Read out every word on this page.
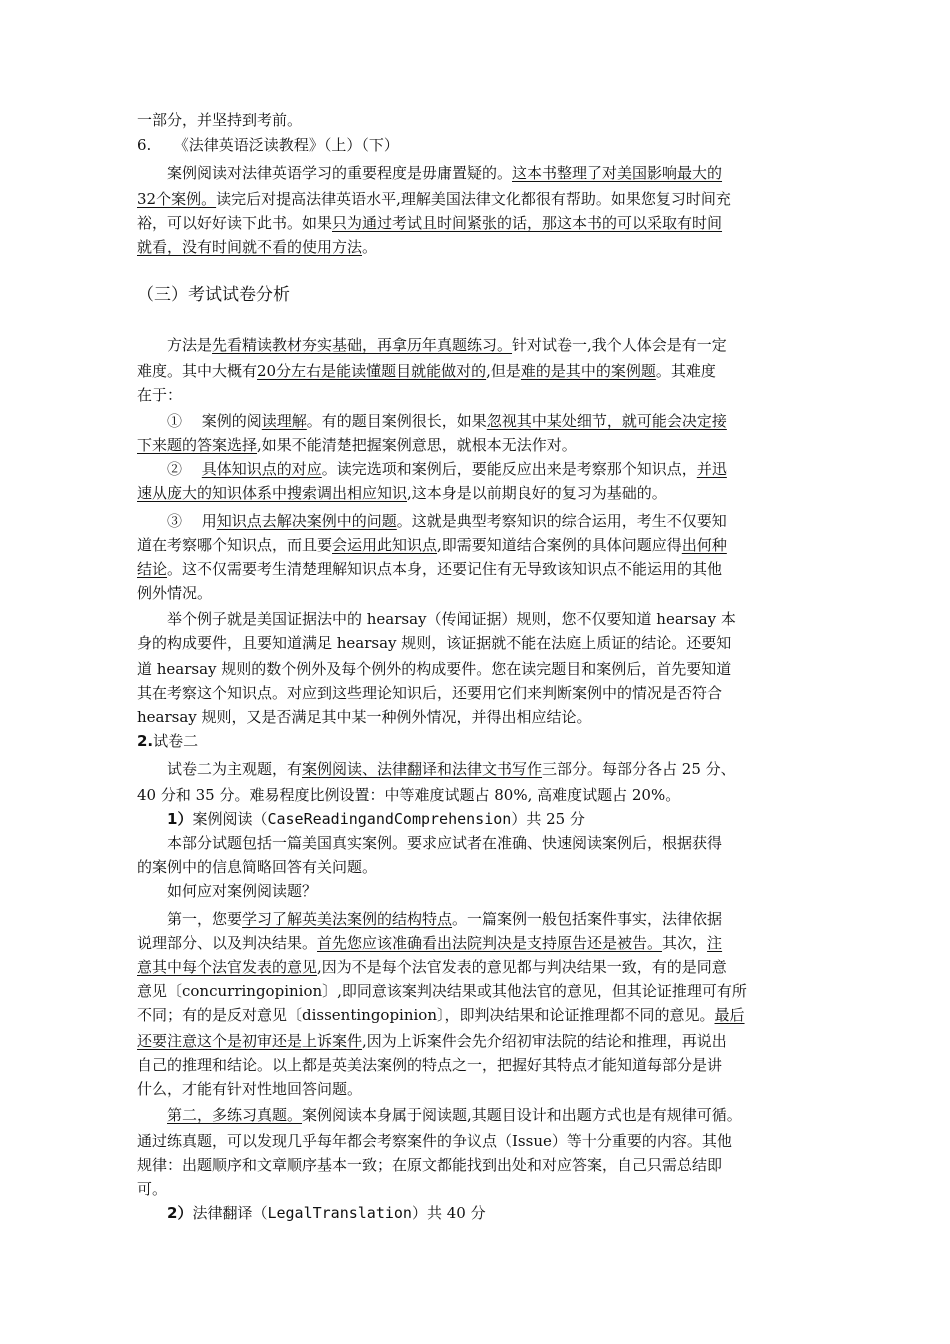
（三）考试试卷分析
一部分，并坚持到考前。
6.　　《法律英语泛读教程》（上）（下）
　　案例阅读对法律英语学习的重要程度是毋庸置疑的。这本书整理了对美国影响最大的
32个案例。读完后对提高法律英语水平,理解美国法律文化都很有帮助。如果您复习时间充
裕，可以好好读下此书。如果只为通过考试且时间紧张的话，那这本书的可以采取有时间
就看，没有时间就不看的使用方法。
　　方法是先看精读教材夯实基础，再拿历年真题练习。针对试卷一,我个人体会是有一定
难度。其中大概有20分左右是能读懂题目就能做对的,但是难的是其中的案例题。其难度
在于：
　　①　 案例的阅读理解。有的题目案例很长，如果忽视其中某处细节，就可能会决定接
下来题的答案选择,如果不能清楚把握案例意思，就根本无法作对。
　　②　 具体知识点的对应。读完选项和案例后，要能反应出来是考察那个知识点，并迅
速从庞大的知识体系中搜索调出相应知识,这本身是以前期良好的复习为基础的。
　　③　 用知识点去解决案例中的问题。这就是典型考察知识的综合运用，考生不仅要知
道在考察哪个知识点，而且要会运用此知识点,即需要知道结合案例的具体问题应得出何种
结论。这不仅需要考生清楚理解知识点本身，还要记住有无导致该知识点不能运用的其他
例外情况。
　　举个例子就是美国证据法中的 hearsay（传闻证据）规则，您不仅要知道 hearsay 本
身的构成要件，且要知道满足 hearsay 规则，该证据就不能在法庭上质证的结论。还要知
道 hearsay 规则的数个例外及每个例外的构成要件。您在读完题目和案例后，首先要知道
其在考察这个知识点。对应到这些理论知识后，还要用它们来判断案例中的情况是否符合
hearsay 规则，又是否满足其中某一种例外情况，并得出相应结论。
2.试卷二
　　试卷二为主观题，有案例阅读、法律翻译和法律文书写作三部分。每部分各占 25 分、
40 分和 35 分。难易程度比例设置：中等难度试题占 80%, 高难度试题占 20%。
　　1）案例阅读（CaseReadingandComprehension）共 25 分
　　本部分试题包括一篇美国真实案例。要求应试者在准确、快速阅读案例后，根据获得
的案例中的信息简略回答有关问题。
　　如何应对案例阅读题？
　　第一，您要学习了解英美法案例的结构特点。一篇案例一般包括案件事实，法律依据
说理部分、以及判决结果。首先您应该准确看出法院判决是支持原告还是被告。其次，注
意其中每个法官发表的意见,因为不是每个法官发表的意见都与判决结果一致，有的是同意
意见〔concurringopinion〕,即同意该案判决结果或其他法官的意见，但其论证推理可有所
不同；有的是反对意见〔dissentingopinion〕，即判决结果和论证推理都不同的意见。最后
还要注意这个是初审还是上诉案件,因为上诉案件会先介绍初审法院的结论和推理，再说出
自己的推理和结论。以上都是英美法案例的特点之一，把握好其特点才能知道每部分是讲
什么，才能有针对性地回答问题。
　　第二，多练习真题。案例阅读本身属于阅读题,其题目设计和出题方式也是有规律可循。
通过练真题，可以发现几乎每年都会考察案件的争议点（Issue）等十分重要的内容。其他
规律：出题顺序和文章顺序基本一致；在原文都能找到出处和对应答案，自己只需总结即
可。
　　2）法律翻译（LegalTranslation）共 40 分
